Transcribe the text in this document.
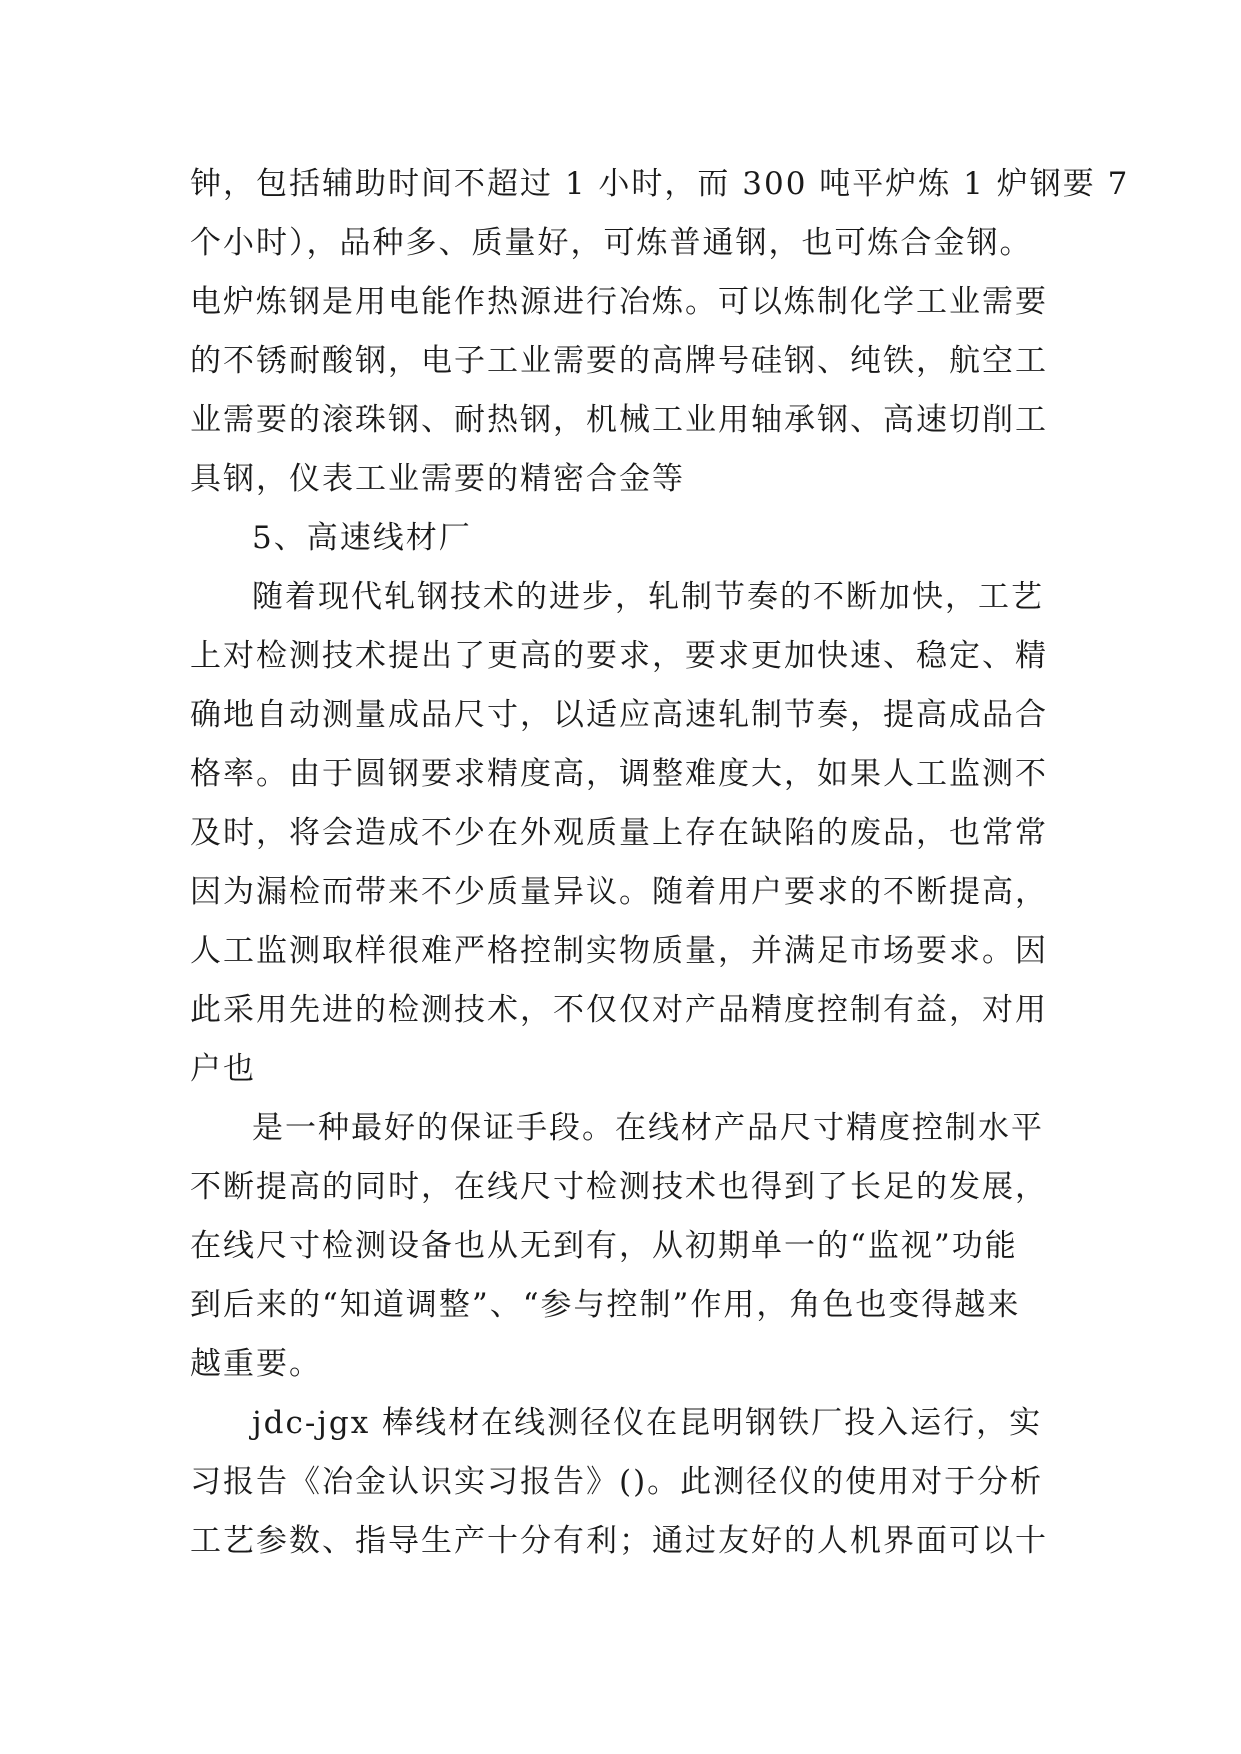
钟，包括辅助时间不超过 1 小时，而 300 吨平炉炼 1 炉钢要 7
个小时），品种多、质量好，可炼普通钢，也可炼合金钢。
电炉炼钢是用电能作热源进行冶炼。可以炼制化学工业需要
的不锈耐酸钢，电子工业需要的高牌号硅钢、纯铁，航空工
业需要的滚珠钢、耐热钢，机械工业用轴承钢、高速切削工
具钢，仪表工业需要的精密合金等
5、高速线材厂
随着现代轧钢技术的进步，轧制节奏的不断加快，工艺
上对检测技术提出了更高的要求，要求更加快速、稳定、精
确地自动测量成品尺寸，以适应高速轧制节奏，提高成品合
格率。由于圆钢要求精度高，调整难度大，如果人工监测不
及时，将会造成不少在外观质量上存在缺陷的废品，也常常
因为漏检而带来不少质量异议。随着用户要求的不断提高，
人工监测取样很难严格控制实物质量，并满足市场要求。因
此采用先进的检测技术，不仅仅对产品精度控制有益，对用
户也
是一种最好的保证手段。在线材产品尺寸精度控制水平
不断提高的同时，在线尺寸检测技术也得到了长足的发展，
在线尺寸检测设备也从无到有，从初期单一的“监视”功能
到后来的“知道调整”、“参与控制”作用，角色也变得越来
越重要。
jdc-jgx 棒线材在线测径仪在昆明钢铁厂投入运行，实
习报告《冶金认识实习报告》()。此测径仪的使用对于分析
工艺参数、指导生产十分有利；通过友好的人机界面可以十
